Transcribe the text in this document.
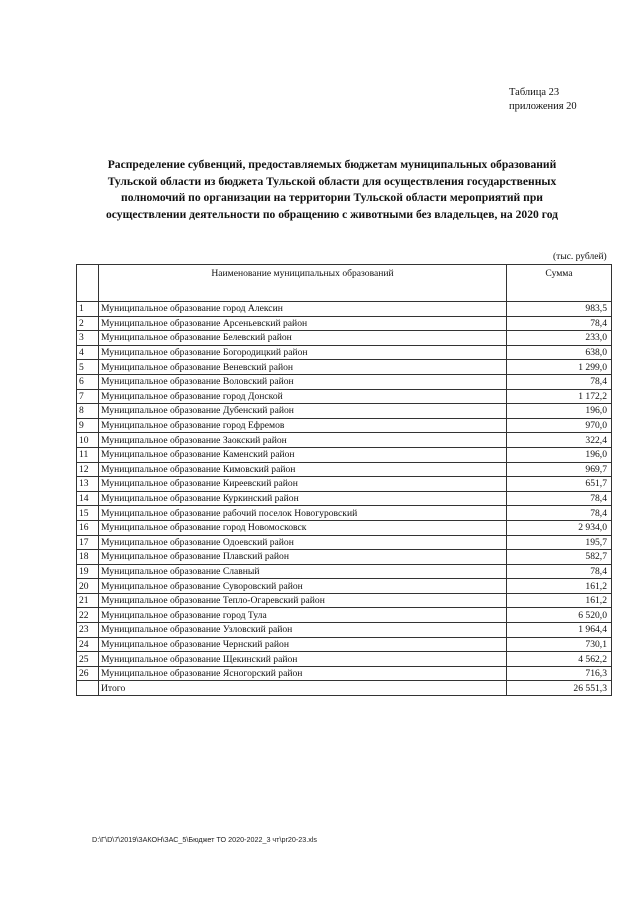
Таблица 23
приложения 20
Распределение субвенций, предоставляемых бюджетам муниципальных образований Тульской области из бюджета Тульской области для осуществления государственных полномочий по организации на территории Тульской области мероприятий при осуществлении деятельности по обращению с животными без владельцев, на 2020 год
(тыс. рублей)
	Наименование муниципальных образований	Сумма
1	Муниципальное образование город Алексин	983,5
2	Муниципальное образование Арсеньевский район	78,4
3	Муниципальное образование Белевский район	233,0
4	Муниципальное образование Богородицкий район	638,0
5	Муниципальное образование Веневский район	1 299,0
6	Муниципальное образование Воловский район	78,4
7	Муниципальное образование город Донской	1 172,2
8	Муниципальное образование Дубенский район	196,0
9	Муниципальное образование город Ефремов	970,0
10	Муниципальное образование Заокский район	322,4
11	Муниципальное образование Каменский район	196,0
12	Муниципальное образование Кимовский район	969,7
13	Муниципальное образование Киреевский район	651,7
14	Муниципальное образование Куркинский район	78,4
15	Муниципальное образование рабочий поселок Новогуровский	78,4
16	Муниципальное образование город Новомосковск	2 934,0
17	Муниципальное образование Одоевский район	195,7
18	Муниципальное образование Плавский район	582,7
19	Муниципальное образование Славный	78,4
20	Муниципальное образование Суворовский район	161,2
21	Муниципальное образование Тепло-Огаревский район	161,2
22	Муниципальное образование город Тула	6 520,0
23	Муниципальное образование Узловский район	1 964,4
24	Муниципальное образование Чернский район	730,1
25	Муниципальное образование Щекинский район	4 562,2
26	Муниципальное образование Ясногорский район	716,3
	Итого	26 551,3
D:\Г\D\7\2019\ЗАКОН\ЗАС_5\Бюджет ТО 2020-2022_3 чт\pr20-23.xls
